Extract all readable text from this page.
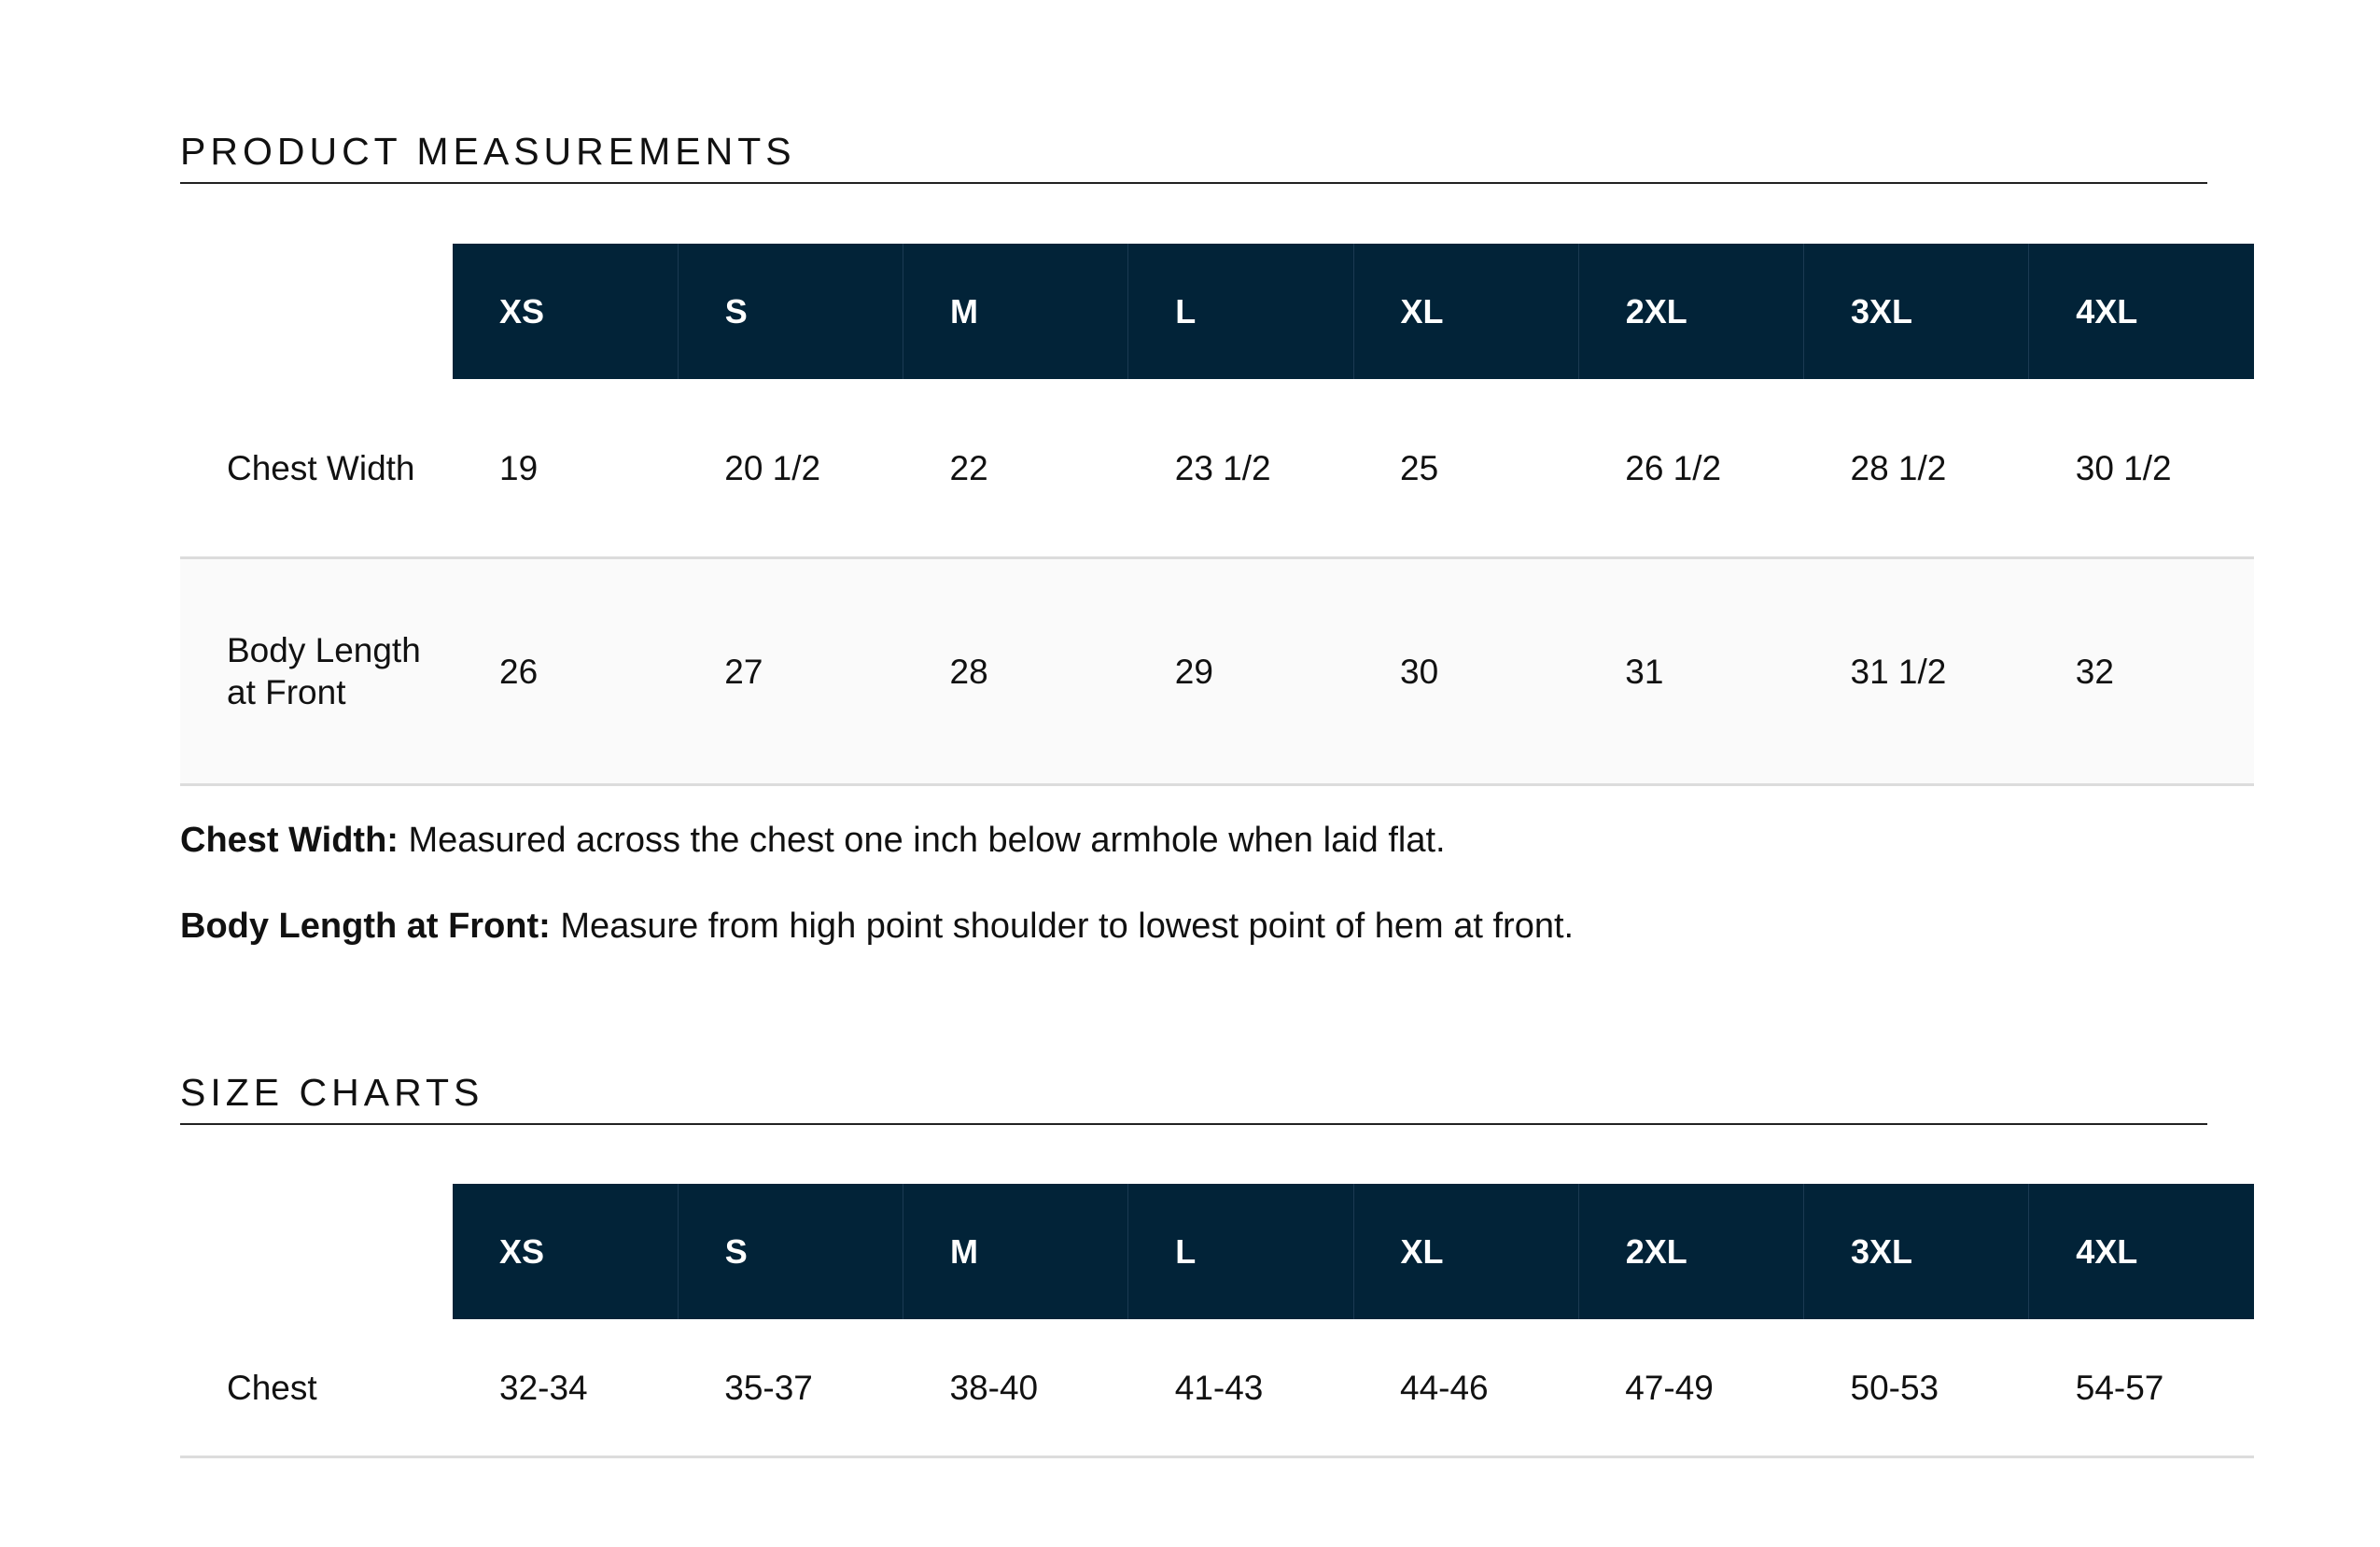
PRODUCT MEASUREMENTS
	XS	S	M	L	XL	2XL	3XL	4XL
Chest Width	19	20 1/2	22	23 1/2	25	26 1/2	28 1/2	30 1/2
Body Length at Front	26	27	28	29	30	31	31 1/2	32
Chest Width: Measured across the chest one inch below armhole when laid flat.
Body Length at Front: Measure from high point shoulder to lowest point of hem at front.
SIZE CHARTS
	XS	S	M	L	XL	2XL	3XL	4XL
Chest	32-34	35-37	38-40	41-43	44-46	47-49	50-53	54-57
